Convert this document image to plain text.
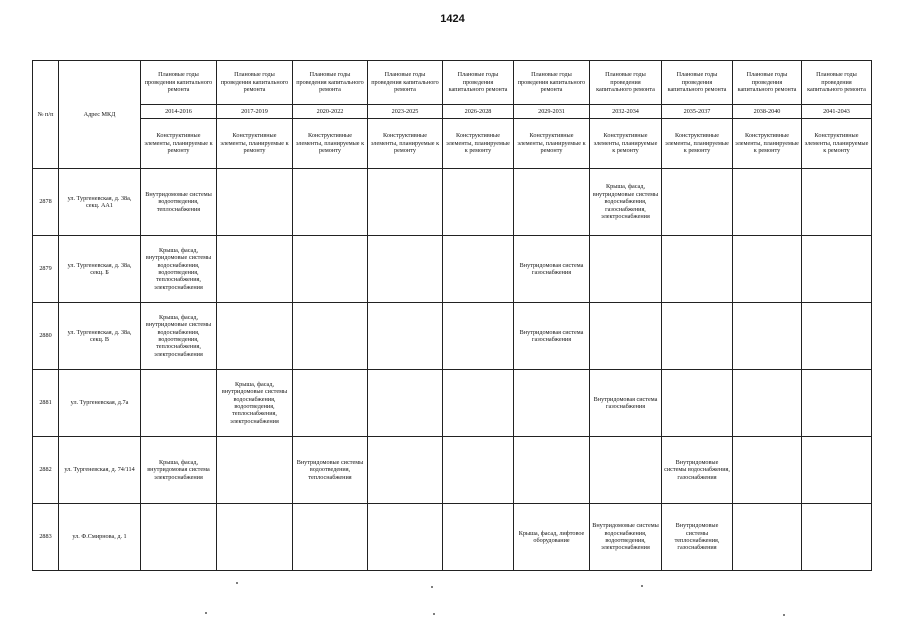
1424
№ п/п	Адрес МКД	Плановые годы проведения капитального ремонта	Плановые годы проведения капитального ремонта	Плановые годы проведения капитального ремонта	Плановые годы проведения капитального ремонта	Плановые годы проведения капитального ремонта	Плановые годы проведения капитального ремонта	Плановые годы проведения капитального ремонта	Плановые годы проведения капитального ремонта	Плановые годы проведения капитального ремонта	Плановые годы проведения капитального ремонта
		2014-2016	2017-2019	2020-2022	2023-2025	2026-2028	2029-2031	2032-2034	2035-2037	2038-2040	2041-2043
		Конструктивные элементы, планируемые к ремонту	Конструктивные элементы, планируемые к ремонту	Конструктивные элементы, планируемые к ремонту	Конструктивные элементы, планируемые к ремонту	Конструктивные элементы, планируемые к ремонту	Конструктивные элементы, планируемые к ремонту	Конструктивные элементы, планируемые к ремонту	Конструктивные элементы, планируемые к ремонту	Конструктивные элементы, планируемые к ремонту	Конструктивные элементы, планируемые к ремонту
2878	ул. Тургеневская, д. 38а, секц. АА1	Внутридомовые системы водоотведения, теплоснабжения						Крыша, фасад, внутридомовые системы водоснабжения, газоснабжения, электроснабжения			
2879	ул. Тургеневская, д. 38а, секц. Б	Крыша, фасад, внутридомовые системы водоснабжения, водоотведения, теплоснабжения, электроснабжения					Внутридомовая система газоснабжения				
2880	ул. Тургеневская, д. 38а, секц. В	Крыша, фасад, внутридомовые системы водоснабжения, водоотведения, теплоснабжения, электроснабжения					Внутридомовая система газоснабжения				
2881	ул. Тургеневская, д.7а		Крыша, фасад, внутридомовые системы водоснабжения, водоотведения, теплоснабжения, электроснабжения					Внутридомовая система газоснабжения			
2882	ул. Тургеневская, д. 74/114	Крыша, фасад, внутридомовая система электроснабжения		Внутридомовые системы водоотведения, теплоснабжения					Внутридомовые системы водоснабжения, газоснабжения		
2883	ул. Ф.Смирнова, д. 1						Крыша, фасад, лифтовое оборудование	Внутридомовые системы водоснабжения, водоотведения, электроснабжения	Внутридомовые системы теплоснабжения, газоснабжения		
